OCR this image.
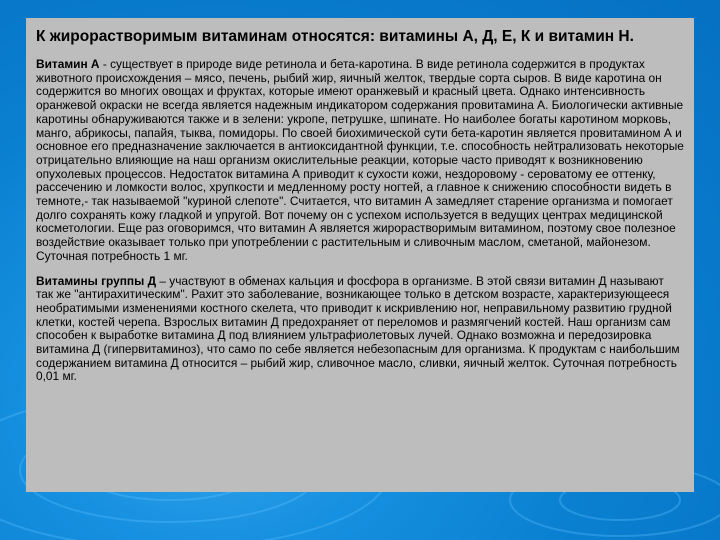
К жирорастворимым витаминам относятся: витамины А, Д, Е, К и витамин Н.

Витамин А - существует в природе виде ретинола и бета-каротина. В виде ретинола содержится в продуктах животного происхождения – мясо, печень, рыбий жир, яичный желток, твердые сорта сыров. В виде каротина он содержится во многих овощах и фруктах, которые имеют оранжевый и красный цвета. Однако интенсивность оранжевой окраски не всегда является надежным индикатором содержания провитамина А. Биологически активные каротины обнаруживаются также и в зелени: укропе, петрушке, шпинате. Но наиболее богаты каротином морковь, манго, абрикосы, папайя, тыква, помидоры. По своей биохимической сути бета-каротин является провитамином А и основное его предназначение заключается в антиоксидантной функции, т.е. способность нейтрализовать некоторые отрицательно влияющие на наш организм окислительные реакции, которые часто приводят к возникновению опухолевых процессов. Недостаток витамина А приводит к сухости кожи, нездоровому - сероватому ее оттенку, рассечению и ломкости волос, хрупкости и медленному росту ногтей, а главное к снижению способности видеть в темноте,- так называемой "куриной слепоте". Считается, что витамин А замедляет старение организма и помогает долго сохранять кожу гладкой и упругой. Вот почему он с успехом используется в ведущих центрах медицинской косметологии. Еще раз оговоримся, что витамин А является жирорастворимым витамином, поэтому свое полезное воздействие оказывает только при употреблении с растительным и сливочным маслом, сметаной, майонезом. Суточная потребность 1 мг.

Витамины группы Д – участвуют в обменах кальция и фосфора в организме. В этой связи витамин Д называют так же "антирахитическим". Рахит это заболевание, возникающее только в детском возрасте, характеризующееся необратимыми изменениями костного скелета, что приводит к искривлению ног, неправильному развитию грудной клетки, костей черепа. Взрослых витамин Д предохраняет от переломов и размягчений костей. Наш организм сам способен к выработке витамина Д под влиянием ультрафиолетовых лучей. Однако возможна и передозировка витамина Д (гипервитаминоз), что само по себе является небезопасным для организма. К продуктам с наибольшим содержанием витамина Д относится – рыбий жир, сливочное масло, сливки, яичный желток. Суточная потребность 0,01 мг.
